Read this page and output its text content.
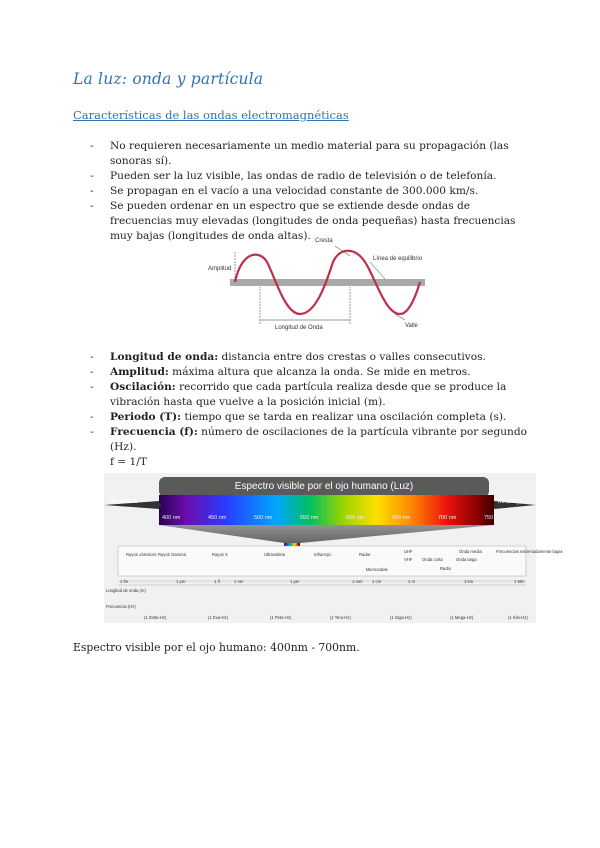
La luz: onda y partícula
Características de las ondas electromagnéticas
- No requieren necesariamente un medio material para su propagación (las sonoras sí).
- Pueden ser la luz visible, las ondas de radio de televisión o de telefonía.
- Se propagan en el vacío a una velocidad constante de 300.000 km/s.
- Se pueden ordenar en un espectro que se extiende desde ondas de frecuencias muy elevadas (longitudes de onda pequeñas) hasta frecuencias muy bajas (longitudes de onda altas). Cresta
Línea de equilibrio
Amplitud
Longitud de Onda	Valle
- Longitud de onda: distancia entre dos crestas o valles consecutivos.
- Amplitud: máxima altura que alcanza la onda. Se mide en metros.
- Oscilación: recorrido que cada partícula realiza desde que se produce la vibración hasta que vuelve a la posición inicial (m).
- Periodo (T): tiempo que se tarda en realizar una oscilación completa (s).
- Frecuencia (f): número de oscilaciones de la partícula vibrante por segundo (Hz).
f = 1/T
Rayos cósmicos Rayos Gamma	Rayos X	Ultravioleta	Infrarrojo	Radar
Microondas
UHF
VHF
Onda media
Onda corta	Onda larga
Radio
Frecuencias extremadamente bajas
Longitud de onda (m)
Frecuencia (Hz)
1 fm	1 pm	1 Å	1 nm	1 μm	1 mm 1 cm	1 m	1 km	1 Mm
(1 Zetta-Hz)	(1 Exa-Hz)	(1 Peta-Hz)	(1 Tera-Hz)	(1 Giga-Hz)	(1 Mega-Hz)	(1 Kilo-Hz)
400 nm	450 nm	500 nm	550 nm	600 nm	650 nm	700 nm	750 nm
Ultravioleta	Infrarrojo
Espectro visible por el ojo humano (Luz)
Espectro visible por el ojo humano: 400nm - 700nm.
